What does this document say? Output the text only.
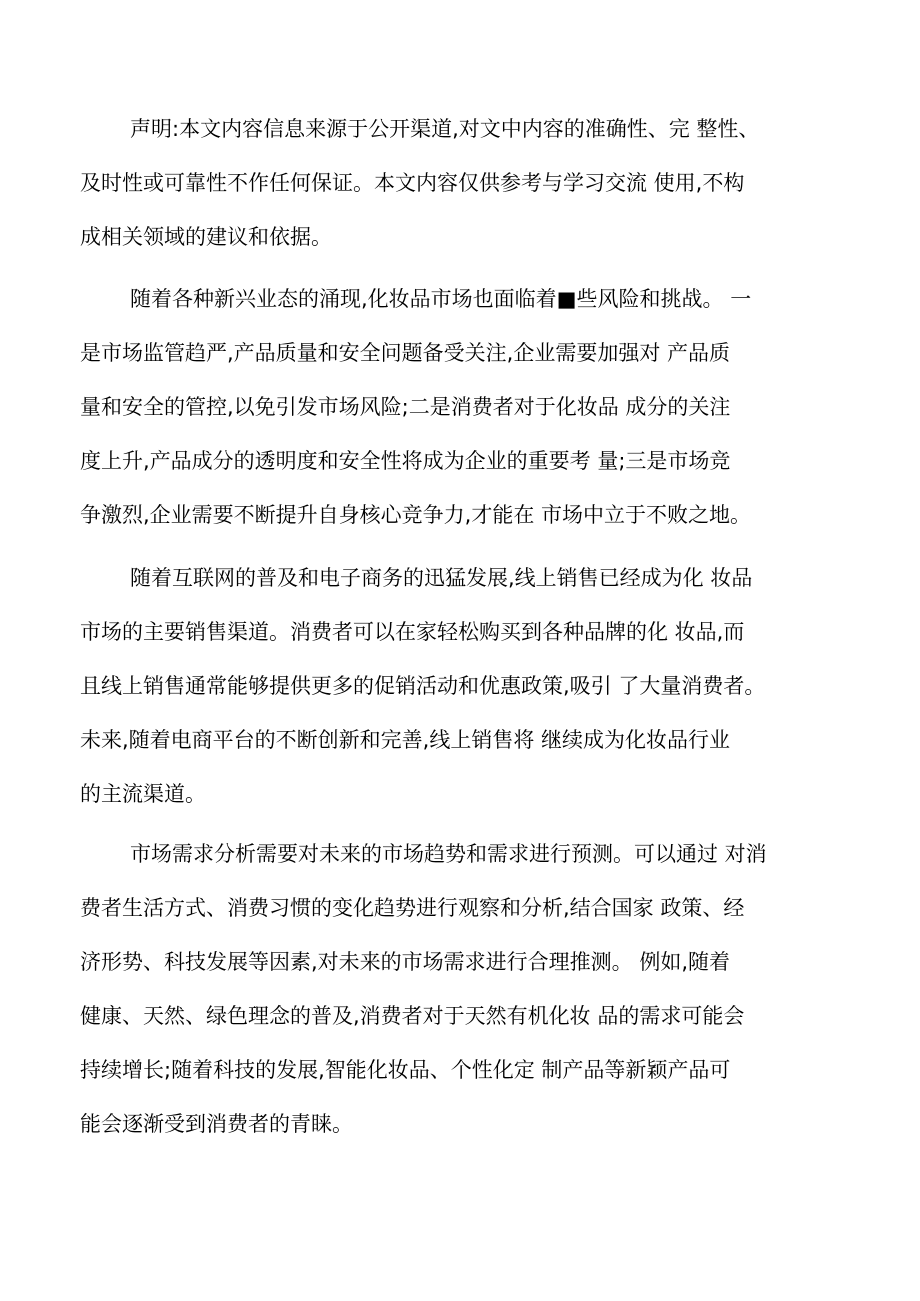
声明:本文内容信息来源于公开渠道,对文中内容的准确性、完 整性、
及时性或可靠性不作任何保证。本文内容仅供参考与学习交流 使用,不构
成相关领域的建议和依据。
随着各种新兴业态的涌现,化妆品市场也面临着■些风险和挑战。 一
是市场监管趋严,产品质量和安全问题备受关注,企业需要加强对 产品质
量和安全的管控,以免引发市场风险;二是消费者对于化妆品 成分的关注
度上升,产品成分的透明度和安全性将成为企业的重要考 量;三是市场竞
争激烈,企业需要不断提升自身核心竞争力,才能在 市场中立于不败之地。
随着互联网的普及和电子商务的迅猛发展,线上销售已经成为化 妆品
市场的主要销售渠道。消费者可以在家轻松购买到各种品牌的化 妆品,而
且线上销售通常能够提供更多的促销活动和优惠政策,吸引 了大量消费者。
未来,随着电商平台的不断创新和完善,线上销售将 继续成为化妆品行业
的主流渠道。
市场需求分析需要对未来的市场趋势和需求进行预测。可以通过 对消
费者生活方式、消费习惯的变化趋势进行观察和分析,结合国家 政策、经
济形势、科技发展等因素,对未来的市场需求进行合理推测。 例如,随着
健康、天然、绿色理念的普及,消费者对于天然有机化妆 品的需求可能会
持续增长;随着科技的发展,智能化妆品、个性化定 制产品等新颖产品可
能会逐渐受到消费者的青睐。
